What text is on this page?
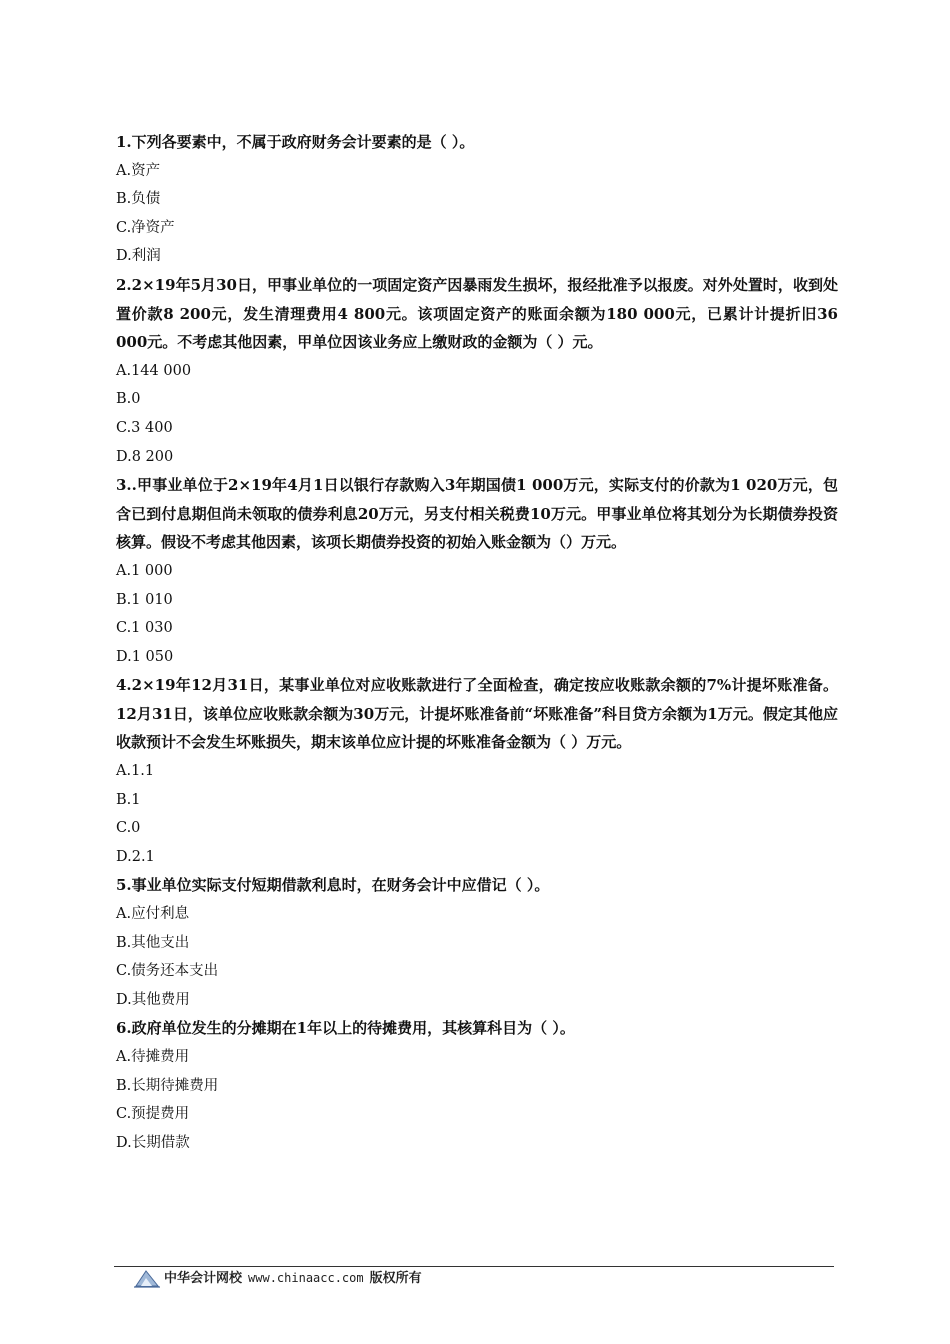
1.下列各要素中，不属于政府财务会计要素的是（ ）。

A.资产

B.负债

C.净资产

D.利润

2.2×19年5月30日，甲事业单位的一项固定资产因暴雨发生损坏，报经批准予以报废。对外处置时，收到处置价款8 200元，发生清理费用4 800元。该项固定资产的账面余额为180 000元，已累计计提折旧36 000元。不考虑其他因素，甲单位因该业务应上缴财政的金额为（ ）元。

A.144 000

B.0

C.3 400

D.8 200

3..甲事业单位于2×19年4月1日以银行存款购入3年期国债1 000万元，实际支付的价款为1 020万元，包含已到付息期但尚未领取的债券利息20万元，另支付相关税费10万元。甲事业单位将其划分为长期债券投资核算。假设不考虑其他因素，该项长期债券投资的初始入账金额为（）万元。

A.1 000

B.1 010

C.1 030

D.1 050

4.2×19年12月31日，某事业单位对应收账款进行了全面检查，确定按应收账款余额的7%计提坏账准备。12月31日，该单位应收账款余额为30万元，计提坏账准备前“坏账准备”科目贷方余额为1万元。假定其他应收款预计不会发生坏账损失，期末该单位应计提的坏账准备金额为（ ）万元。

A.1.1

B.1

C.0

D.2.1

5.事业单位实际支付短期借款利息时，在财务会计中应借记（ ）。

A.应付利息

B.其他支出

C.债务还本支出

D.其他费用

6.政府单位发生的分摊期在1年以上的待摊费用，其核算科目为（ ）。

A.待摊费用

B.长期待摊费用

C.预提费用

D.长期借款

中华会计网校 www.chinaacc.com 版权所有
